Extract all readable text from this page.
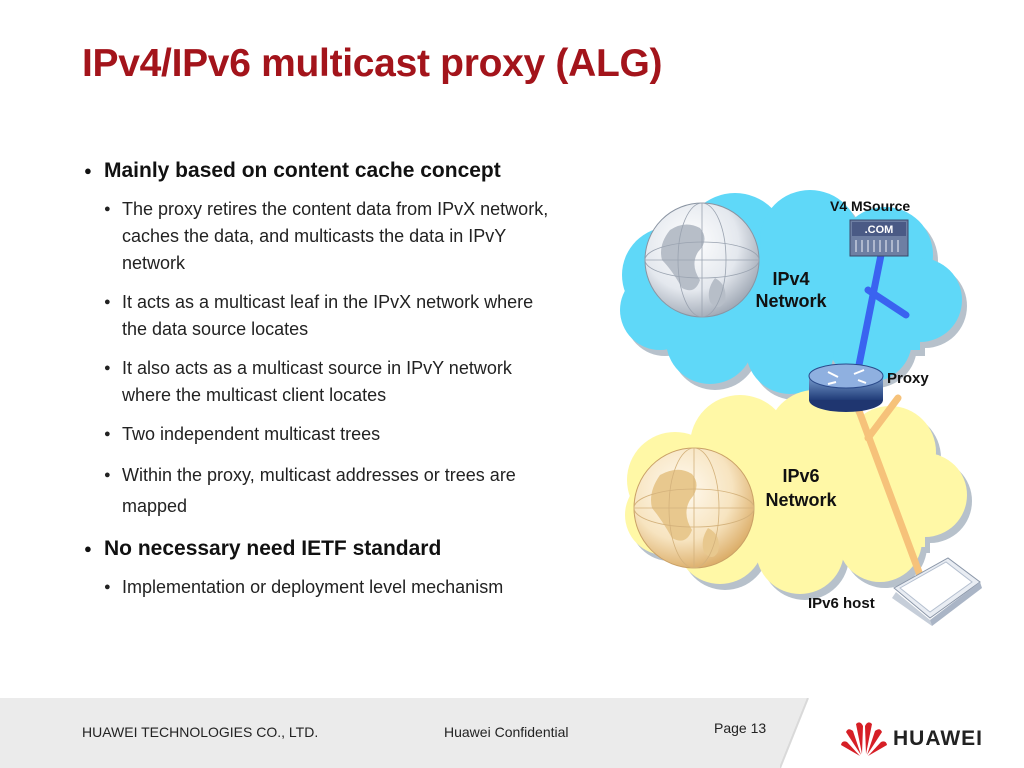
IPv4/IPv6 multicast proxy (ALG)
● Mainly based on content cache concept
● The proxy retires the content data from IPvX network, caches the data, and multicasts the data in IPvY network
● It acts as a multicast leaf in the IPvX network where the data source locates
● It also acts as a multicast source in IPvY network where the multicast client locates
● Two independent multicast trees
● Within the proxy, multicast addresses or trees are mapped
● No necessary need IETF standard
● Implementation or deployment level mechanism
.COM
V4 MSource
IPv4
Network
Proxy
IPv6
Network
IPv6 host
HUAWEI TECHNOLOGIES CO., LTD.	Huawei Confidential	Page 13	HUAWEI
